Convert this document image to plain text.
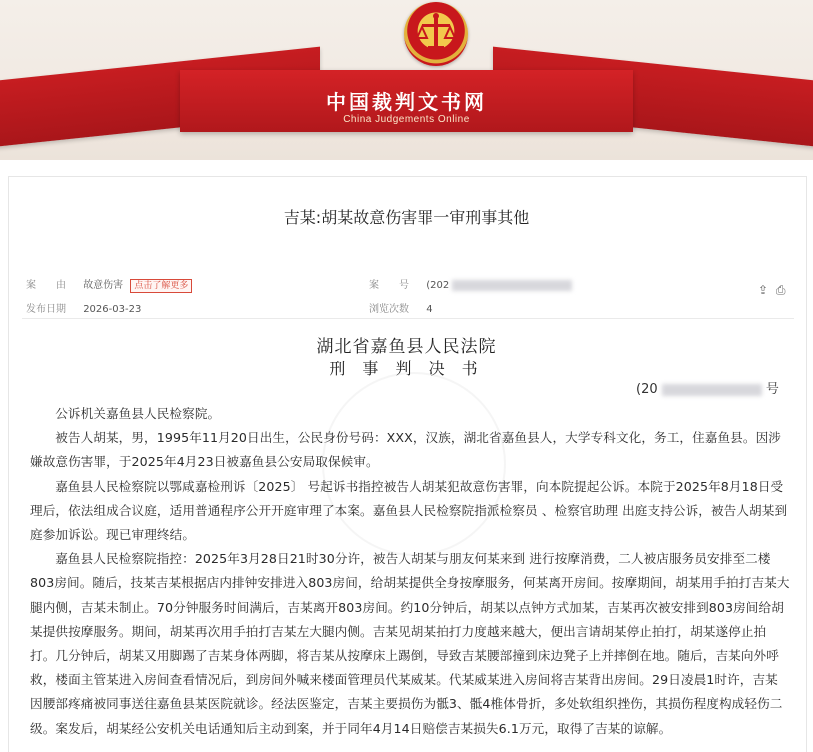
中国裁判文书网
China Judgements Online
吉某:胡某故意伤害罪一审刑事其他
案　　由 故意伤害 点击了解更多	案　　号 (202
发布日期 2026-03-23	浏览次数 4
⇪ ⎙
湖北省嘉鱼县人民法院
刑 事 判 决 书
(20	号

公诉机关嘉鱼县人民检察院。

被告人胡某，男，1995年11月20日出生，公民身份号码：XXX，汉族，湖北省嘉鱼县人，大学专科文化，务工，住嘉鱼县。因涉嫌故意伤害罪，于2025年4月23日被嘉鱼县公安局取保候审。

嘉鱼县人民检察院以鄂咸嘉检刑诉〔2025〕 号起诉书指控被告人胡某犯故意伤害罪，向本院提起公诉。本院于2025年8月18日受理后，依法组成合议庭，适用普通程序公开开庭审理了本案。嘉鱼县人民检察院指派检察员 、检察官助理 出庭支持公诉，被告人胡某到庭参加诉讼。现已审理终结。

嘉鱼县人民检察院指控：2025年3月28日21时30分许，被告人胡某与朋友何某来到 进行按摩消费，二人被店服务员安排至二楼803房间。随后，技某吉某根据店内排钟安排进入803房间，给胡某提供全身按摩服务，何某离开房间。按摩期间，胡某用手拍打吉某大腿内侧，吉某未制止。70分钟服务时间满后，吉某离开803房间。约10分钟后，胡某以点钟方式加某，吉某再次被安排到803房间给胡某提供按摩服务。期间，胡某再次用手拍打吉某左大腿内侧。吉某见胡某拍打力度越来越大，便出言请胡某停止拍打，胡某遂停止拍打。几分钟后，胡某又用脚踢了吉某身体两脚，将吉某从按摩床上踢倒，导致吉某腰部撞到床边凳子上并摔倒在地。随后，吉某向外呼救，楼面主管某进入房间查看情况后，到房间外喊来楼面管理员代某威某。代某威某进入房间将吉某背出房间。29日凌晨1时许，吉某因腰部疼痛被同事送往嘉鱼县某医院就诊。经法医鉴定，吉某主要损伤为骶3、骶4椎体骨折，多处软组织挫伤，其损伤程度构成轻伤二级。案发后，胡某经公安机关电话通知后主动到案，并于同年4月14日赔偿吉某损失6.1万元，取得了吉某的谅解。
